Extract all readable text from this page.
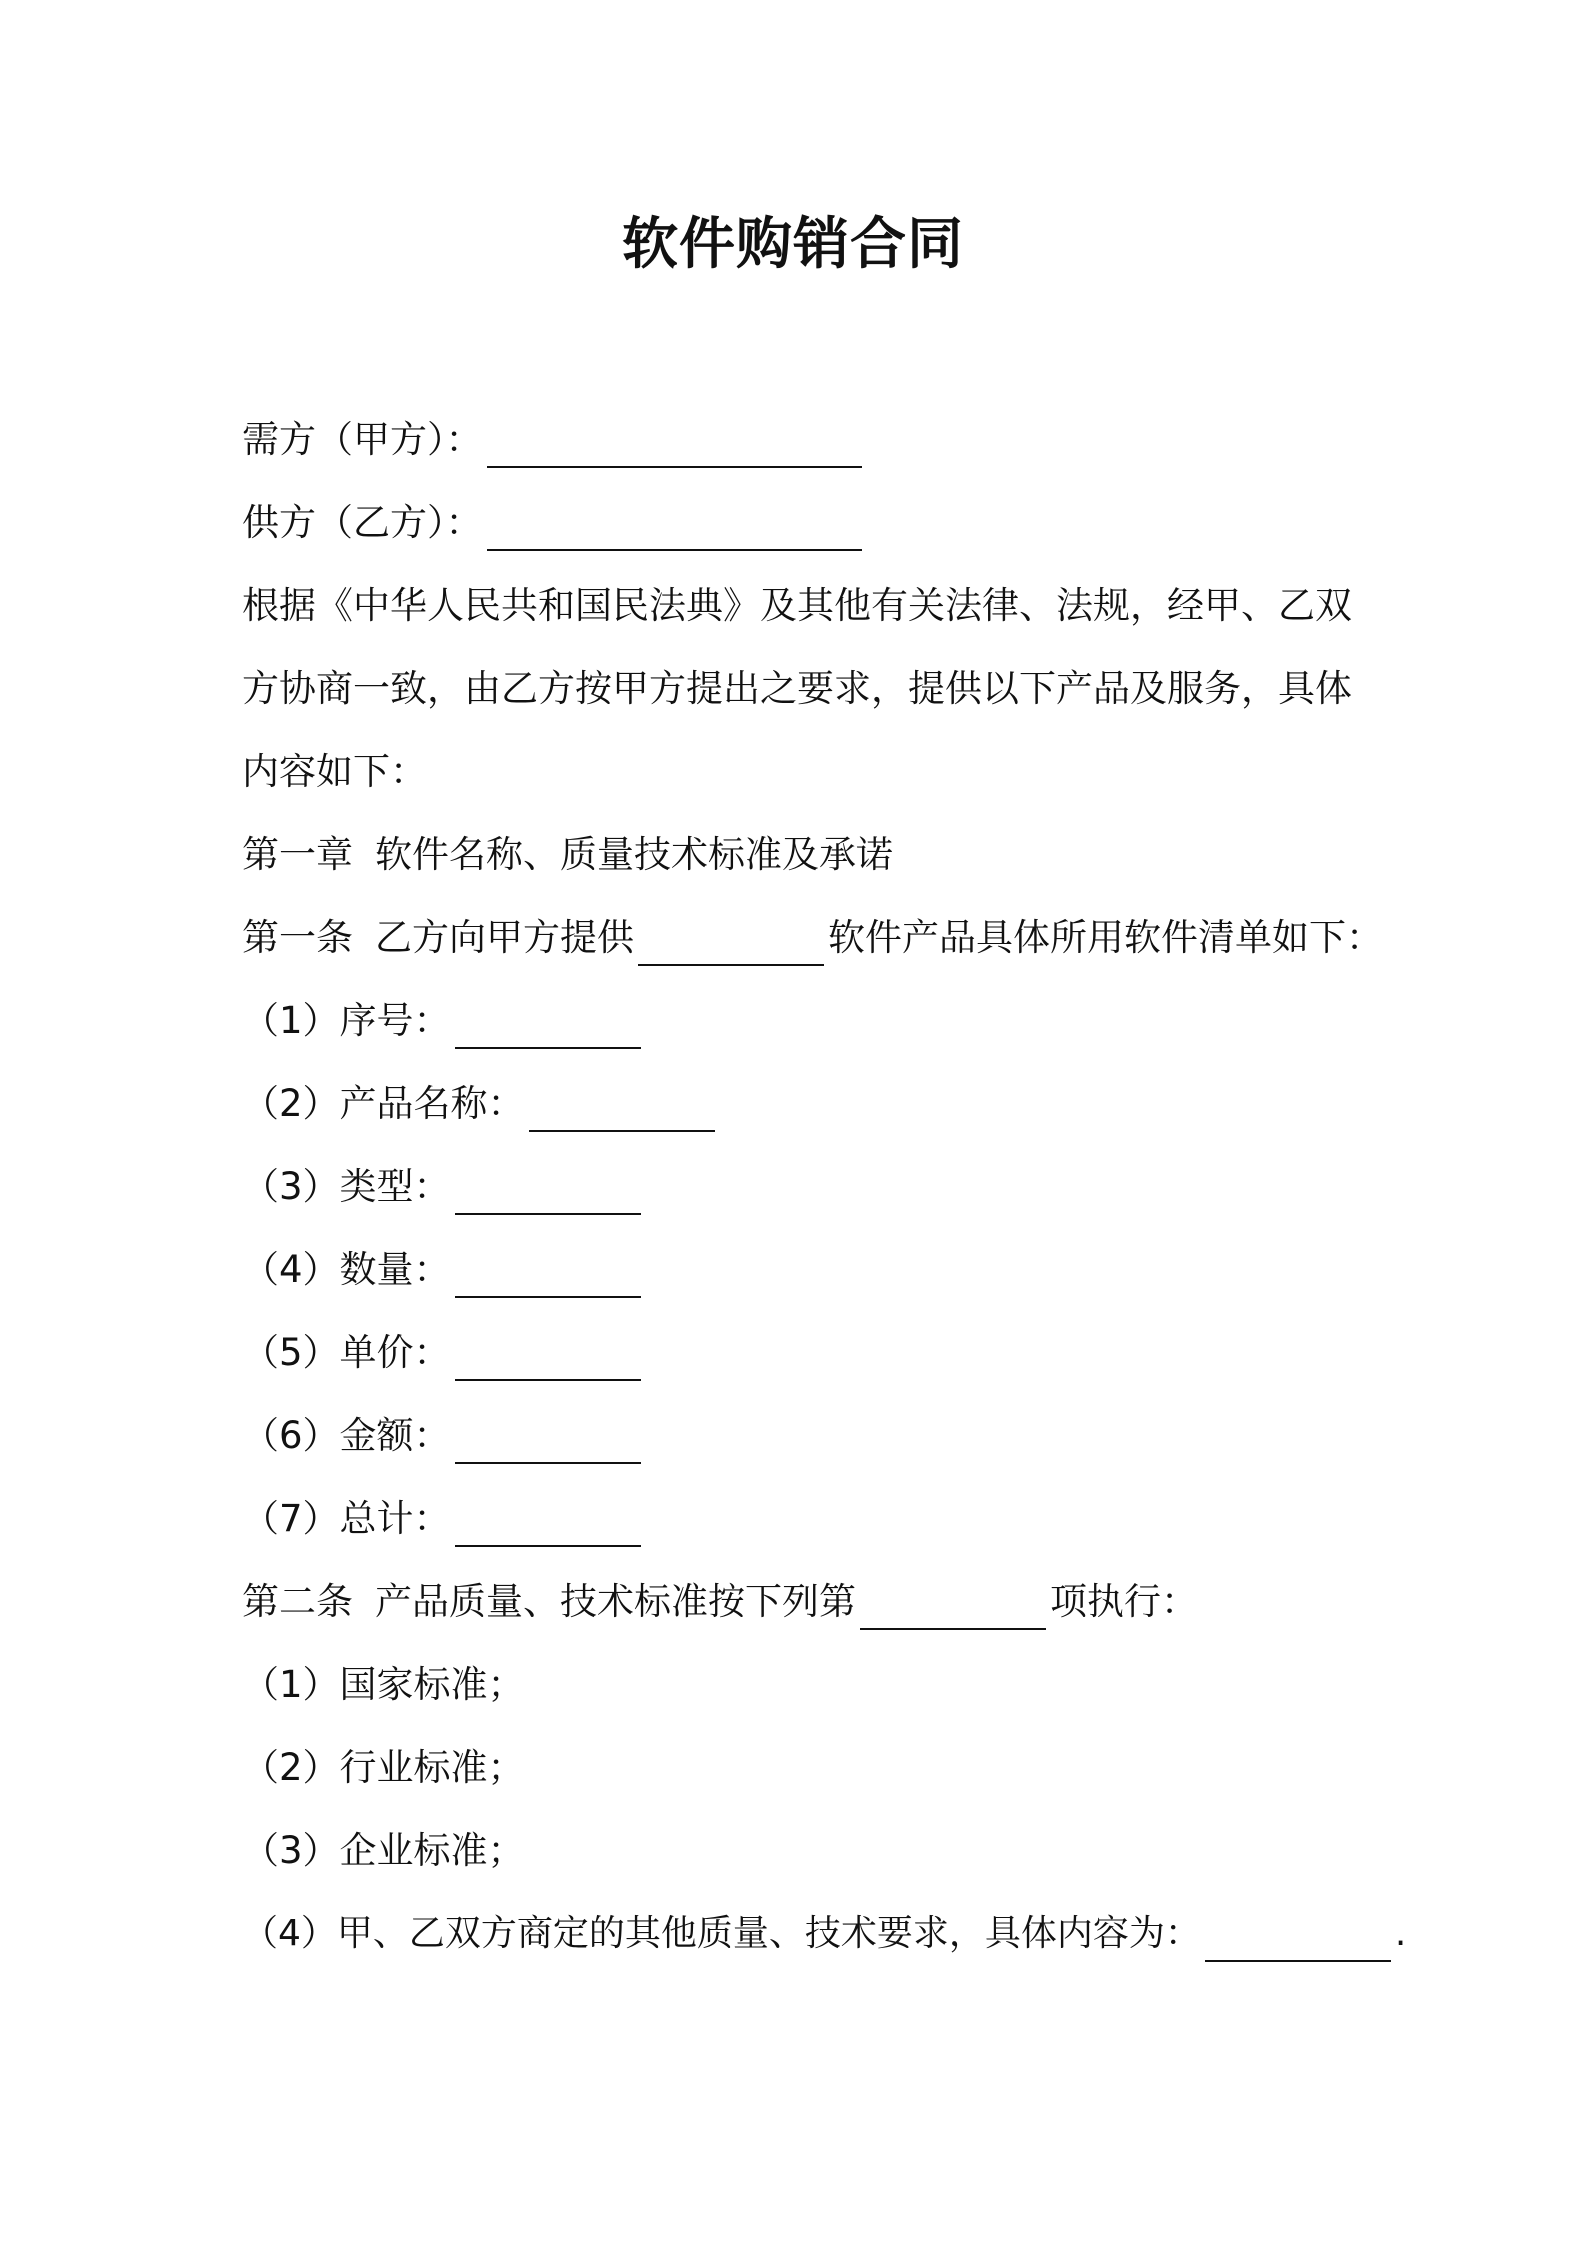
软件购销合同
需方（甲方）：
供方（乙方）：
根据《中华人民共和国民法典》及其他有关法律、法规，经甲、乙双
方协商一致，由乙方按甲方提出之要求，提供以下产品及服务，具体
内容如下：
第一章 软件名称、质量技术标准及承诺
第一条 乙方向甲方提供	软件产品具体所用软件清单如下：
（1）序号：
（2）产品名称：
（3）类型：
（4）数量：
（5）单价：
（6）金额：
（7）总计：
第二条 产品质量、技术标准按下列第	项执行：
（1）国家标准；
（2）行业标准；
（3）企业标准；
（4）甲、乙双方商定的其他质量、技术要求，具体内容为：	.
